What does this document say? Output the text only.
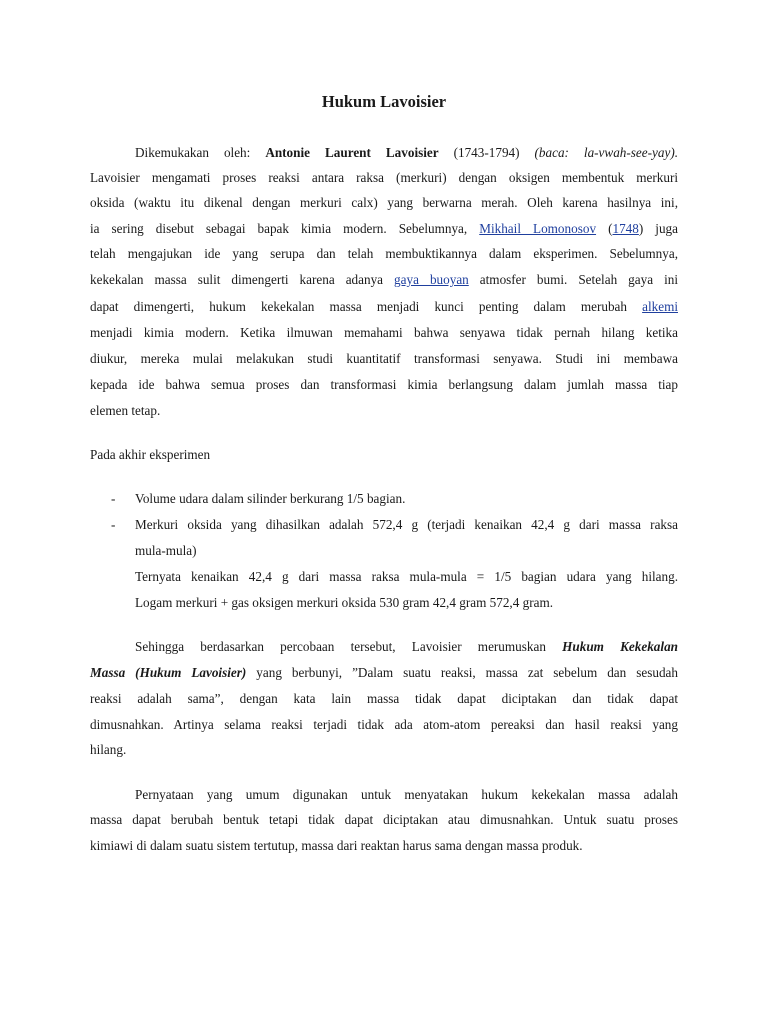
Hukum Lavoisier

Dikemukakan oleh: Antonie Laurent Lavoisier (1743-1794) (baca: la-vwah-see-yay).

Lavoisier mengamati proses reaksi antara raksa (merkuri) dengan oksigen membentuk merkuri

oksida (waktu itu dikenal dengan merkuri calx) yang berwarna merah. Oleh karena hasilnya ini,

ia sering disebut sebagai bapak kimia modern. Sebelumnya, Mikhail Lomonosov (1748) juga

telah mengajukan ide yang serupa dan telah membuktikannya dalam eksperimen. Sebelumnya,

kekekalan massa sulit dimengerti karena adanya gaya buoyan atmosfer bumi. Setelah gaya ini

dapat dimengerti, hukum kekekalan massa menjadi kunci penting dalam merubah alkemi

menjadi kimia modern. Ketika ilmuwan memahami bahwa senyawa tidak pernah hilang ketika

diukur, mereka mulai melakukan studi kuantitatif transformasi senyawa. Studi ini membawa

kepada ide bahwa semua proses dan transformasi kimia berlangsung dalam jumlah massa tiap

elemen tetap.

Pada akhir eksperimen

- Volume udara dalam silinder berkurang 1/5 bagian.

- Merkuri oksida yang dihasilkan adalah 572,4 g (terjadi kenaikan 42,4 g dari massa raksa

mula-mula)

Ternyata kenaikan 42,4 g dari massa raksa mula-mula = 1/5 bagian udara yang hilang.

Logam merkuri + gas oksigen merkuri oksida 530 gram 42,4 gram 572,4 gram.

Sehingga berdasarkan percobaan tersebut, Lavoisier merumuskan Hukum Kekekalan

Massa (Hukum Lavoisier) yang berbunyi, ”Dalam suatu reaksi, massa zat sebelum dan sesudah

reaksi adalah sama”, dengan kata lain massa tidak dapat diciptakan dan tidak dapat

dimusnahkan. Artinya selama reaksi terjadi tidak ada atom-atom pereaksi dan hasil reaksi yang

hilang.

Pernyataan yang umum digunakan untuk menyatakan hukum kekekalan massa adalah

massa dapat berubah bentuk tetapi tidak dapat diciptakan atau dimusnahkan. Untuk suatu proses

kimiawi di dalam suatu sistem tertutup, massa dari reaktan harus sama dengan massa produk.
